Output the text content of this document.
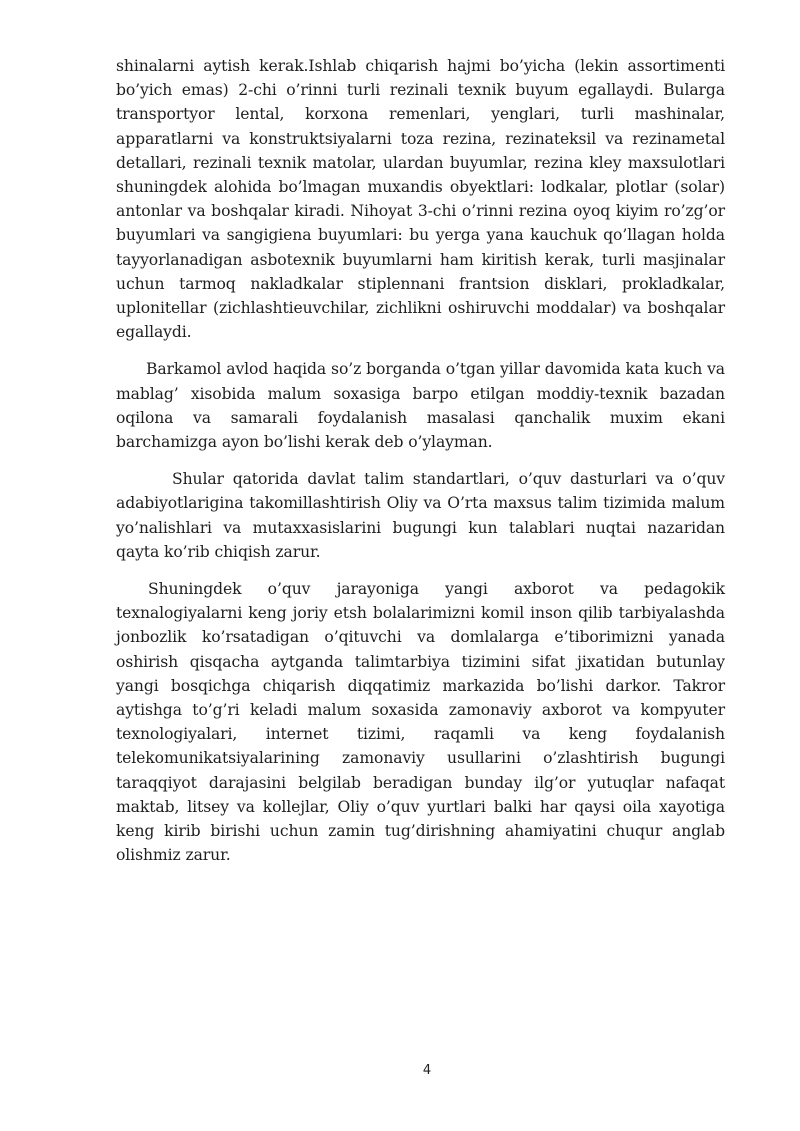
shinalarni aytish kerak.Ishlab chiqarish hajmi bo’yicha (lekin assortimenti bo’yich emas) 2-chi o’rinni turli rezinali texnik buyum egallaydi. Bularga transportyor lental, korxona remenlari, yenglari, turli mashinalar, apparatlarni va konstruktsiyalarni toza rezina, rezinateksil va rezinametal detallari, rezinali texnik matolar, ulardan buyumlar, rezina kley maxsulotlari shuningdek alohida bo’lmagan muxandis obyektlari: lodkalar, plotlar (solar) antonlar va boshqalar kiradi. Nihoyat 3-chi o’rinni rezina oyoq kiyim ro’zg’or buyumlari va sangigiena buyumlari: bu yerga yana kauchuk qo’llagan holda tayyorlanadigan asbotexnik buyumlarni ham kiritish kerak, turli masjinalar uchun tarmoq nakladkalar stiplennani frantsion disklari, prokladkalar, uplonitellar (zichlashtieuvchilar, zichlikni oshiruvchi moddalar) va boshqalar egallaydi.

Barkamol avlod haqida so’z borganda o’tgan yillar davomida kata kuch va mablag’ xisobida malum soxasiga barpo etilgan moddiy-texnik bazadan oqilona va samarali foydalanish masalasi qanchalik muxim ekani barchamizga ayon bo’lishi kerak deb o’ylayman.

Shular qatorida davlat talim standartlari, o’quv dasturlari va o’quv adabiyotlarigina takomillashtirish Oliy va O’rta maxsus talim tizimida malum yo’nalishlari va mutaxxasislarini bugungi kun talablari nuqtai nazaridan qayta ko’rib chiqish zarur.

Shuningdek o’quv jarayoniga yangi axborot va pedagokik texnalogiyalarni keng joriy etsh bolalarimizni komil inson qilib tarbiyalashda jonbozlik ko’rsatadigan o’qituvchi va domlalarga e’tiborimizni yanada oshirish qisqacha aytganda talimtarbiya tizimini sifat jixatidan butunlay yangi bosqichga chiqarish diqqatimiz markazida bo’lishi darkor. Takror aytishga to’g’ri keladi malum soxasida zamonaviy axborot va kompyuter texnologiyalari, internet tizimi, raqamli va keng foydalanish telekomunikatsiyalarining zamonaviy usullarini o’zlashtirish bugungi taraqqiyot darajasini belgilab beradigan bunday ilg’or yutuqlar nafaqat maktab, litsey va kollejlar, Oliy o’quv yurtlari balki har qaysi oila xayotiga keng kirib birishi uchun zamin tug’dirishning ahamiyatini chuqur anglab olishmiz zarur.

4
